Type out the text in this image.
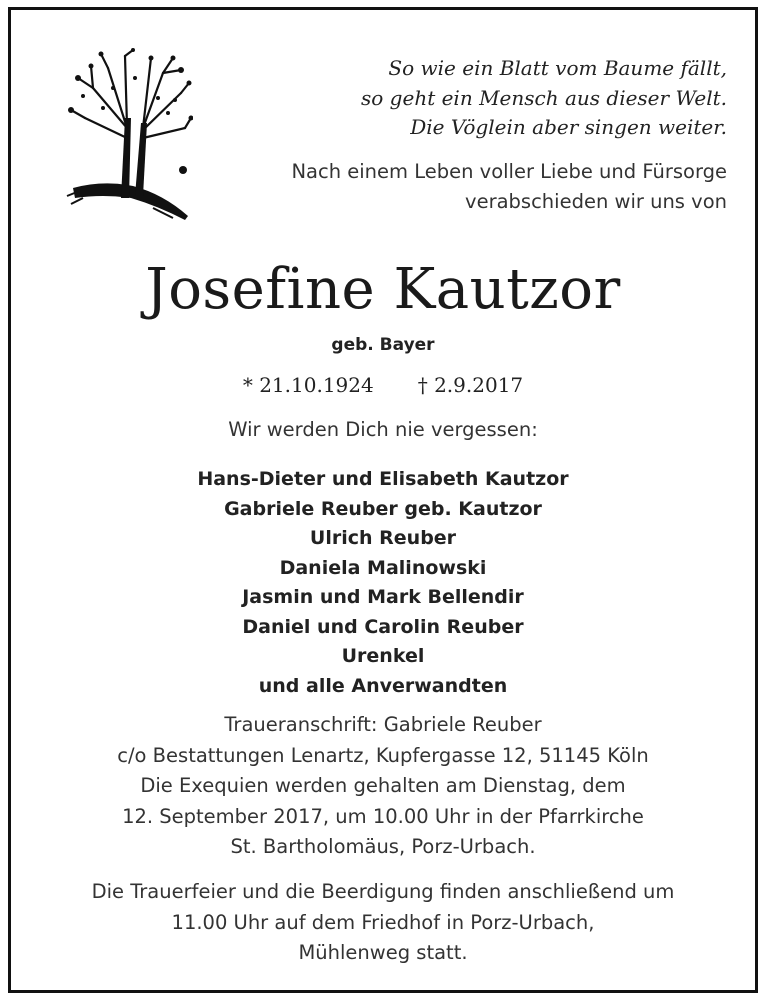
So wie ein Blatt vom Baume fällt,
so geht ein Mensch aus dieser Welt.
Die Vöglein aber singen weiter.
Nach einem Leben voller Liebe und Fürsorge
verabschieden wir uns von
Josefine Kautzor
geb. Bayer
* 21.10.1924 † 2.9.2017
Wir werden Dich nie vergessen:
Hans-Dieter und Elisabeth Kautzor
Gabriele Reuber geb. Kautzor
Ulrich Reuber
Daniela Malinowski
Jasmin und Mark Bellendir
Daniel und Carolin Reuber
Urenkel
und alle Anverwandten
Traueranschrift: Gabriele Reuber
c/o Bestattungen Lenartz, Kupfergasse 12, 51145 Köln
Die Exequien werden gehalten am Dienstag, dem
12. September 2017, um 10.00 Uhr in der Pfarrkirche
St. Bartholomäus, Porz-Urbach.
Die Trauerfeier und die Beerdigung finden anschließend um
11.00 Uhr auf dem Friedhof in Porz-Urbach,
Mühlenweg statt.
